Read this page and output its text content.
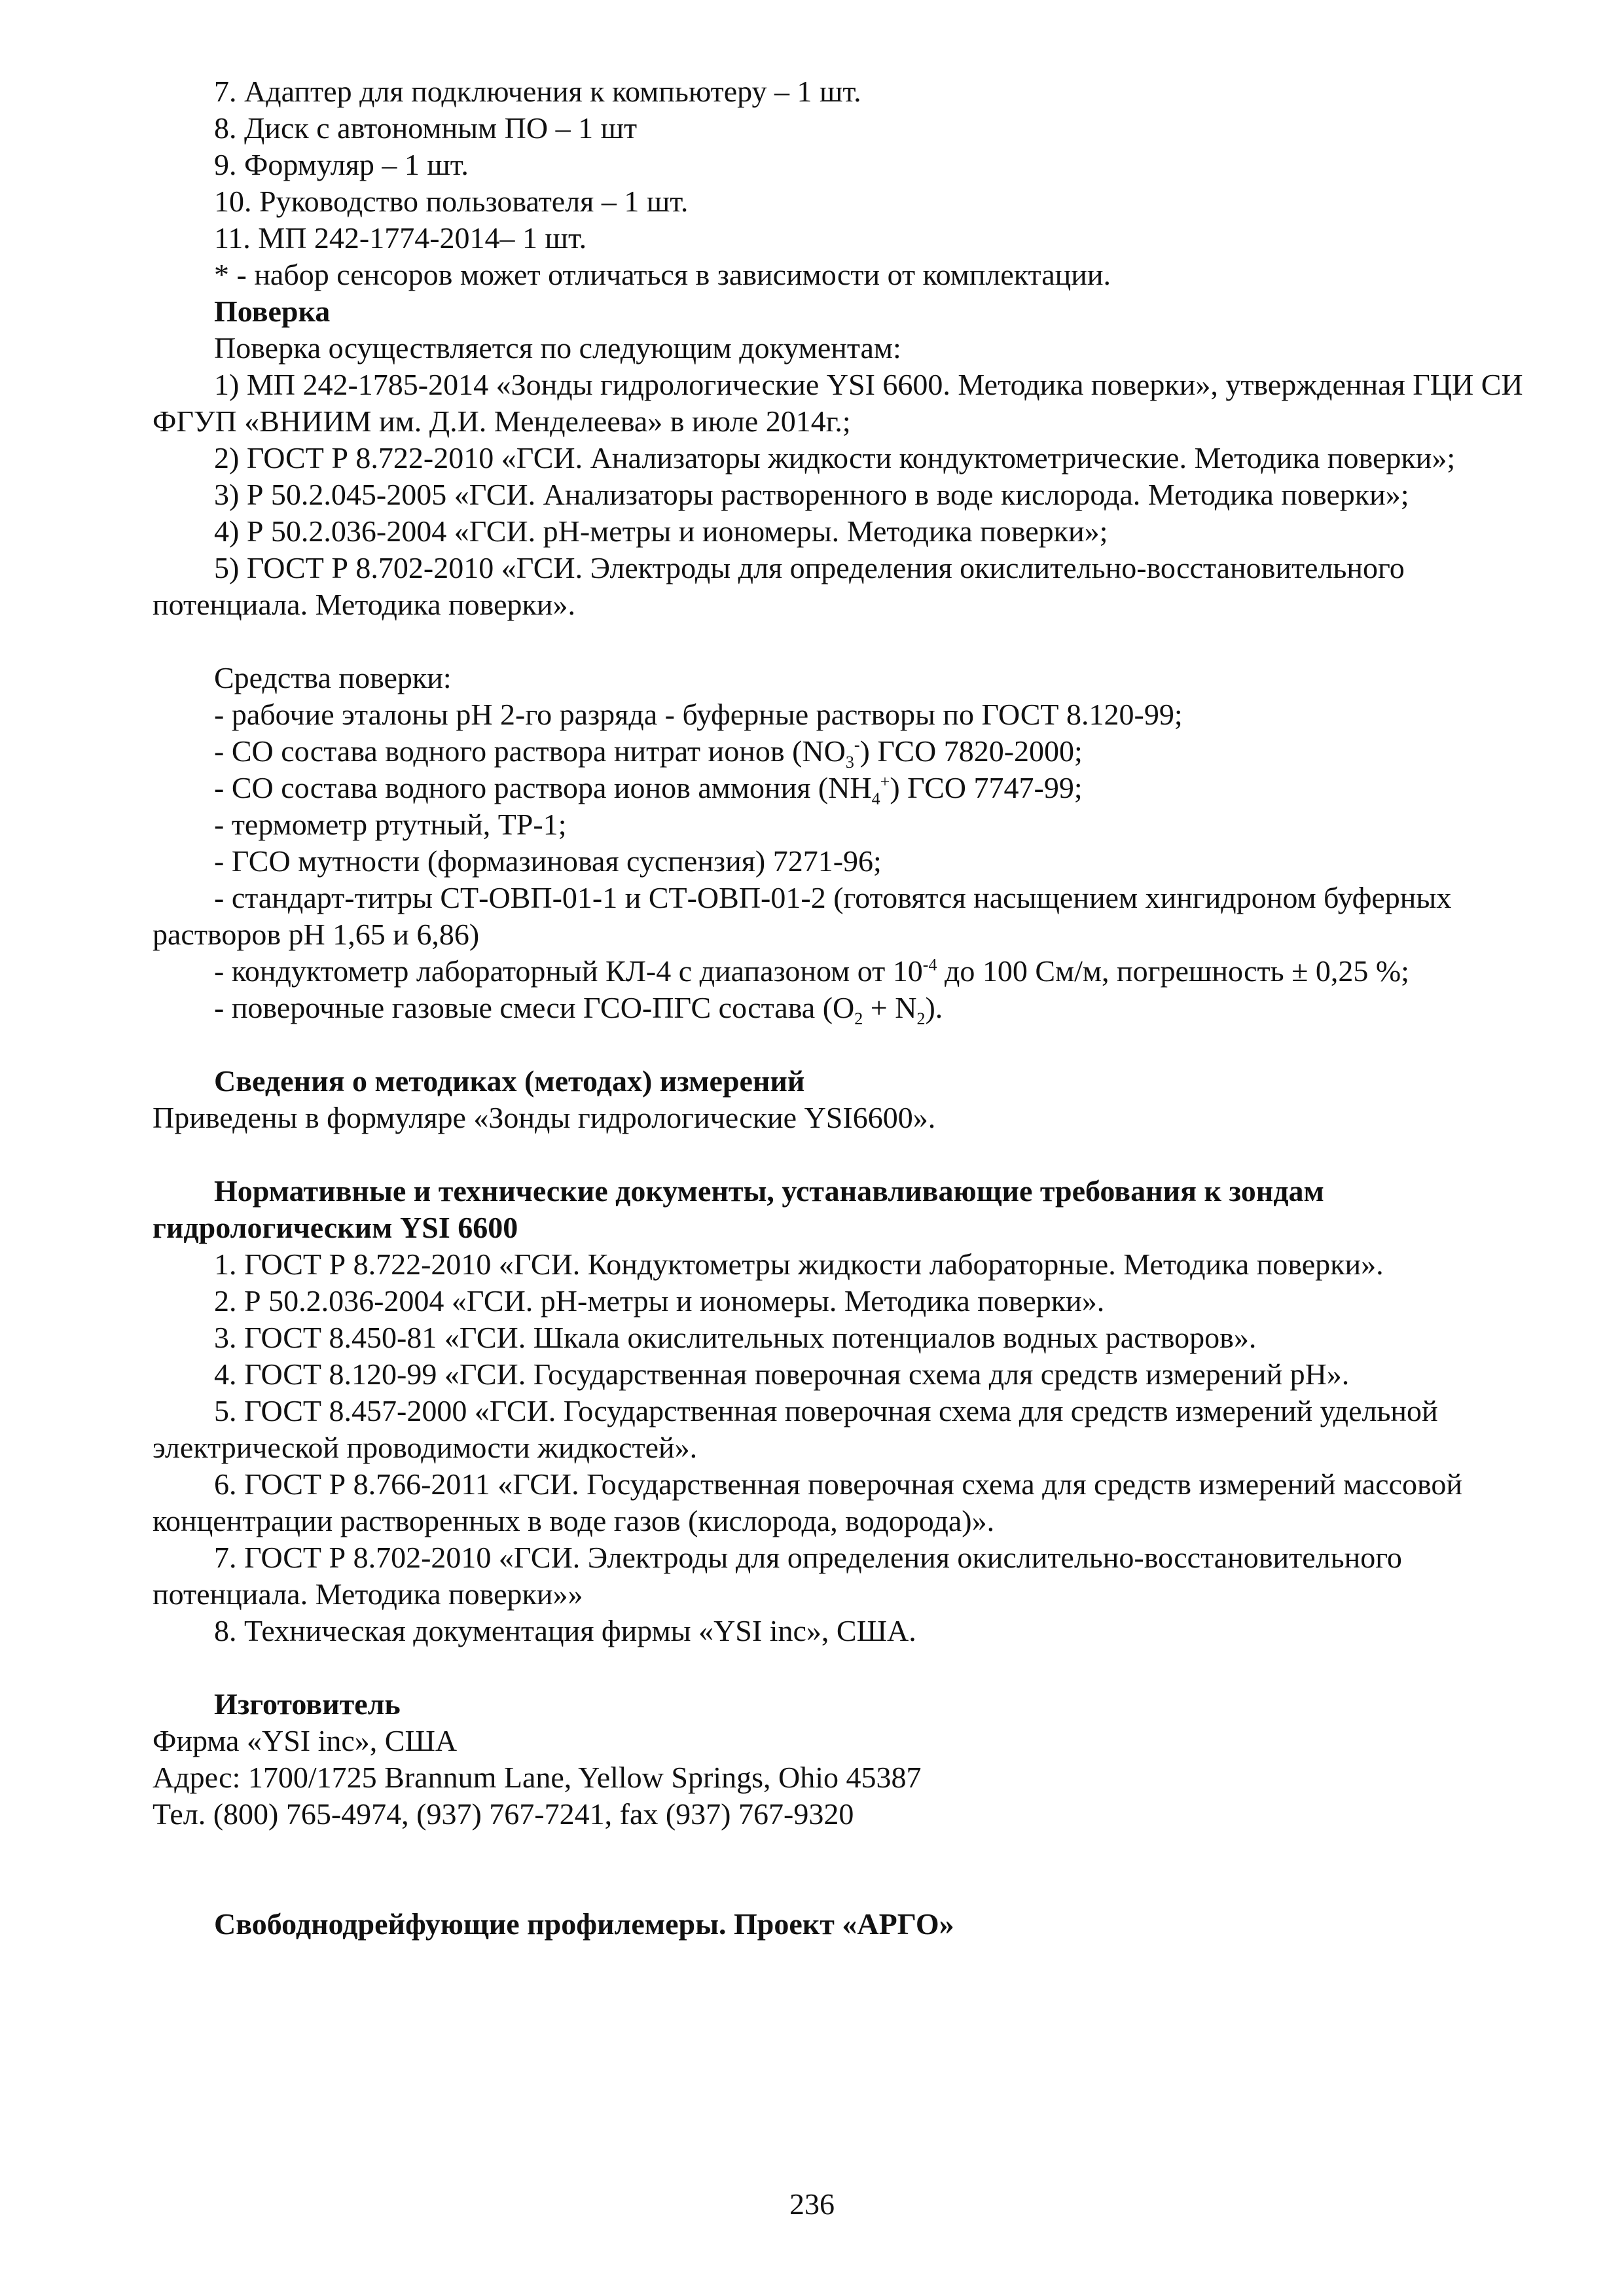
7. Адаптер для подключения к компьютеру – 1 шт.

8. Диск с автономным ПО – 1 шт

9. Формуляр – 1 шт.

10. Руководство пользователя – 1 шт.

11. МП 242-1774-2014– 1 шт.

* - набор сенсоров может отличаться в зависимости от комплектации.

Поверка

Поверка осуществляется по следующим документам:

1) МП 242-1785-2014 «Зонды гидрологические YSI 6600. Методика поверки», утвержденная ГЦИ СИ ФГУП «ВНИИМ им. Д.И. Менделеева» в июле 2014г.;

2) ГОСТ Р 8.722-2010 «ГСИ. Анализаторы жидкости кондуктометрические. Методика поверки»;

3) Р 50.2.045-2005 «ГСИ. Анализаторы растворенного в воде кислорода. Методика поверки»;

4) Р 50.2.036-2004 «ГСИ. pH-метры и иономеры. Методика поверки»;

5) ГОСТ Р 8.702-2010 «ГСИ. Электроды для определения окислительно-восстановительного потенциала. Методика поверки».

Средства поверки:

- рабочие эталоны pH 2-го разряда - буферные растворы по ГОСТ 8.120-99;

- СО состава водного раствора нитрат ионов $(NO_3^-)$ ГСО 7820-2000;

- СО состава водного раствора ионов аммония $(NH_4^+)$ ГСО 7747-99;

- термометр ртутный, ТР-1;

- ГСО мутности (формазиновая суспензия) 7271-96;

- стандарт-титры СТ-ОВП-01-1 и СТ-ОВП-01-2 (готовятся насыщением хингидроном буферных растворов pH 1,65 и 6,86)

- кондуктометр лабораторный КЛ-4 с диапазоном от $10^{-4}$ до 100 См/м, погрешность ± 0,25 %;

- поверочные газовые смеси ГСО-ПГС состава $(O_2 + N_2)$.

Сведения о методиках (методах) измерений

Приведены в формуляре «Зонды гидрологические YSI6600».

Нормативные и технические документы, устанавливающие требования к зондам гидрологическим YSI 6600

1. ГОСТ Р 8.722-2010 «ГСИ. Кондуктометры жидкости лабораторные. Методика поверки».

2. Р 50.2.036-2004 «ГСИ. pH-метры и иономеры. Методика поверки».

3. ГОСТ 8.450-81 «ГСИ. Шкала окислительных потенциалов водных растворов».

4. ГОСТ 8.120-99 «ГСИ. Государственная поверочная схема для средств измерений pH».

5. ГОСТ 8.457-2000 «ГСИ. Государственная поверочная схема для средств измерений удельной электрической проводимости жидкостей».

6. ГОСТ Р 8.766-2011 «ГСИ. Государственная поверочная схема для средств измерений массовой концентрации растворенных в воде газов (кислорода, водорода)».

7. ГОСТ Р 8.702-2010 «ГСИ. Электроды для определения окислительно-восстановительного потенциала. Методика поверки»»

8. Техническая документация фирмы «YSI inc», США.

Изготовитель

Фирма «YSI inc», США

Адрес: 1700/1725 Brannum Lane, Yellow Springs, Ohio 45387

Тел. (800) 765-4974, (937) 767-7241, fax (937) 767-9320

Свободнодрейфующие профилемеры. Проект «АРГО»

236
